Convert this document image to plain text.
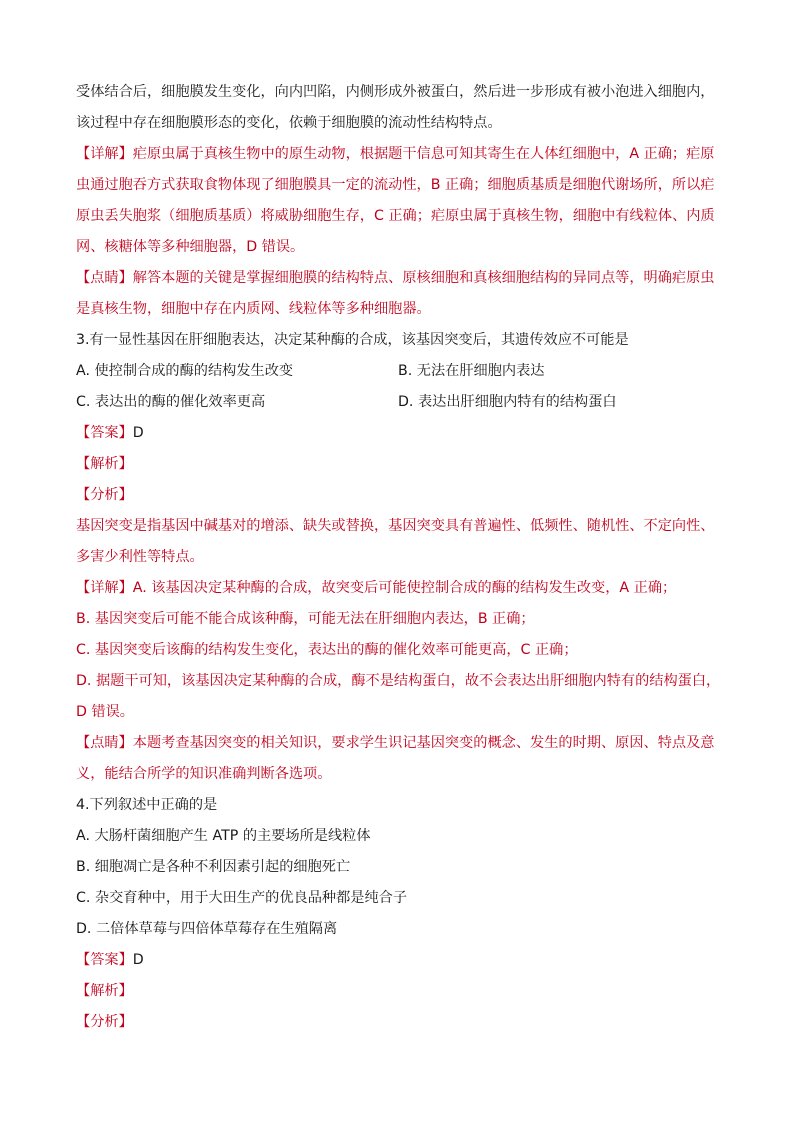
受体结合后，细胞膜发生变化，向内凹陷，内侧形成外被蛋白，然后进一步形成有被小泡进入细胞内，该过程中存在细胞膜形态的变化，依赖于细胞膜的流动性结构特点。

【详解】疟原虫属于真核生物中的原生动物，根据题干信息可知其寄生在人体红细胞中，A 正确；疟原虫通过胞吞方式获取食物体现了细胞膜具一定的流动性，B 正确；细胞质基质是细胞代谢场所，所以疟原虫丢失胞浆（细胞质基质）将威胁细胞生存，C 正确；疟原虫属于真核生物，细胞中有线粒体、内质网、核糖体等多种细胞器，D 错误。

【点睛】解答本题的关键是掌握细胞膜的结构特点、原核细胞和真核细胞结构的异同点等，明确疟原虫是真核生物，细胞中存在内质网、线粒体等多种细胞器。

3.有一显性基因在肝细胞表达，决定某种酶的合成，该基因突变后，其遗传效应不可能是

A. 使控制合成的酶的结构发生改变	B. 无法在肝细胞内表达
C. 表达出的酶的催化效率更高	D. 表达出肝细胞内特有的结构蛋白

【答案】D

【解析】

【分析】

基因突变是指基因中碱基对的增添、缺失或替换，基因突变具有普遍性、低频性、随机性、不定向性、多害少利性等特点。

【详解】A. 该基因决定某种酶的合成，故突变后可能使控制合成的酶的结构发生改变，A 正确；

B. 基因突变后可能不能合成该种酶，可能无法在肝细胞内表达，B 正确；

C. 基因突变后该酶的结构发生变化，表达出的酶的催化效率可能更高，C 正确；

D. 据题干可知，该基因决定某种酶的合成，酶不是结构蛋白，故不会表达出肝细胞内特有的结构蛋白，D 错误。

【点睛】本题考查基因突变的相关知识，要求学生识记基因突变的概念、发生的时期、原因、特点及意义，能结合所学的知识准确判断各选项。

4.下列叙述中正确的是

A. 大肠杆菌细胞产生 ATP 的主要场所是线粒体

B. 细胞凋亡是各种不利因素引起的细胞死亡

C. 杂交育种中，用于大田生产的优良品种都是纯合子

D. 二倍体草莓与四倍体草莓存在生殖隔离

【答案】D

【解析】

【分析】
